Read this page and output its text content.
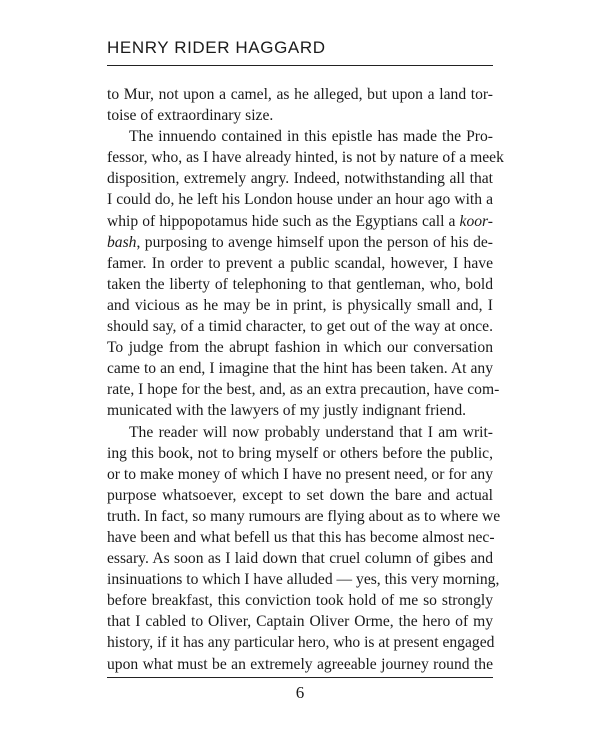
HENRY RIDER HAGGARD

to Mur, not upon a camel, as he alleged, but upon a land tor-
toise of extraordinary size.

The innuendo contained in this epistle has made the Pro-
fessor, who, as I have already hinted, is not by nature of a meek
disposition, extremely angry. Indeed, notwithstanding all that
I could do, he left his London house under an hour ago with a
whip of hippopotamus hide such as the Egyptians call a koor-
bash, purposing to avenge himself upon the person of his de-
famer. In order to prevent a public scandal, however, I have
taken the liberty of telephoning to that gentleman, who, bold
and vicious as he may be in print, is physically small and, I
should say, of a timid character, to get out of the way at once.
To judge from the abrupt fashion in which our conversation
came to an end, I imagine that the hint has been taken. At any
rate, I hope for the best, and, as an extra precaution, have com-
municated with the lawyers of my justly indignant friend.

The reader will now probably understand that I am writ-
ing this book, not to bring myself or others before the public,
or to make money of which I have no present need, or for any
purpose whatsoever, except to set down the bare and actual
truth. In fact, so many rumours are flying about as to where we
have been and what befell us that this has become almost nec-
essary. As soon as I laid down that cruel column of gibes and
insinuations to which I have alluded — yes, this very morning,
before breakfast, this conviction took hold of me so strongly
that I cabled to Oliver, Captain Oliver Orme, the hero of my
history, if it has any particular hero, who is at present engaged
upon what must be an extremely agreeable journey round the

6
